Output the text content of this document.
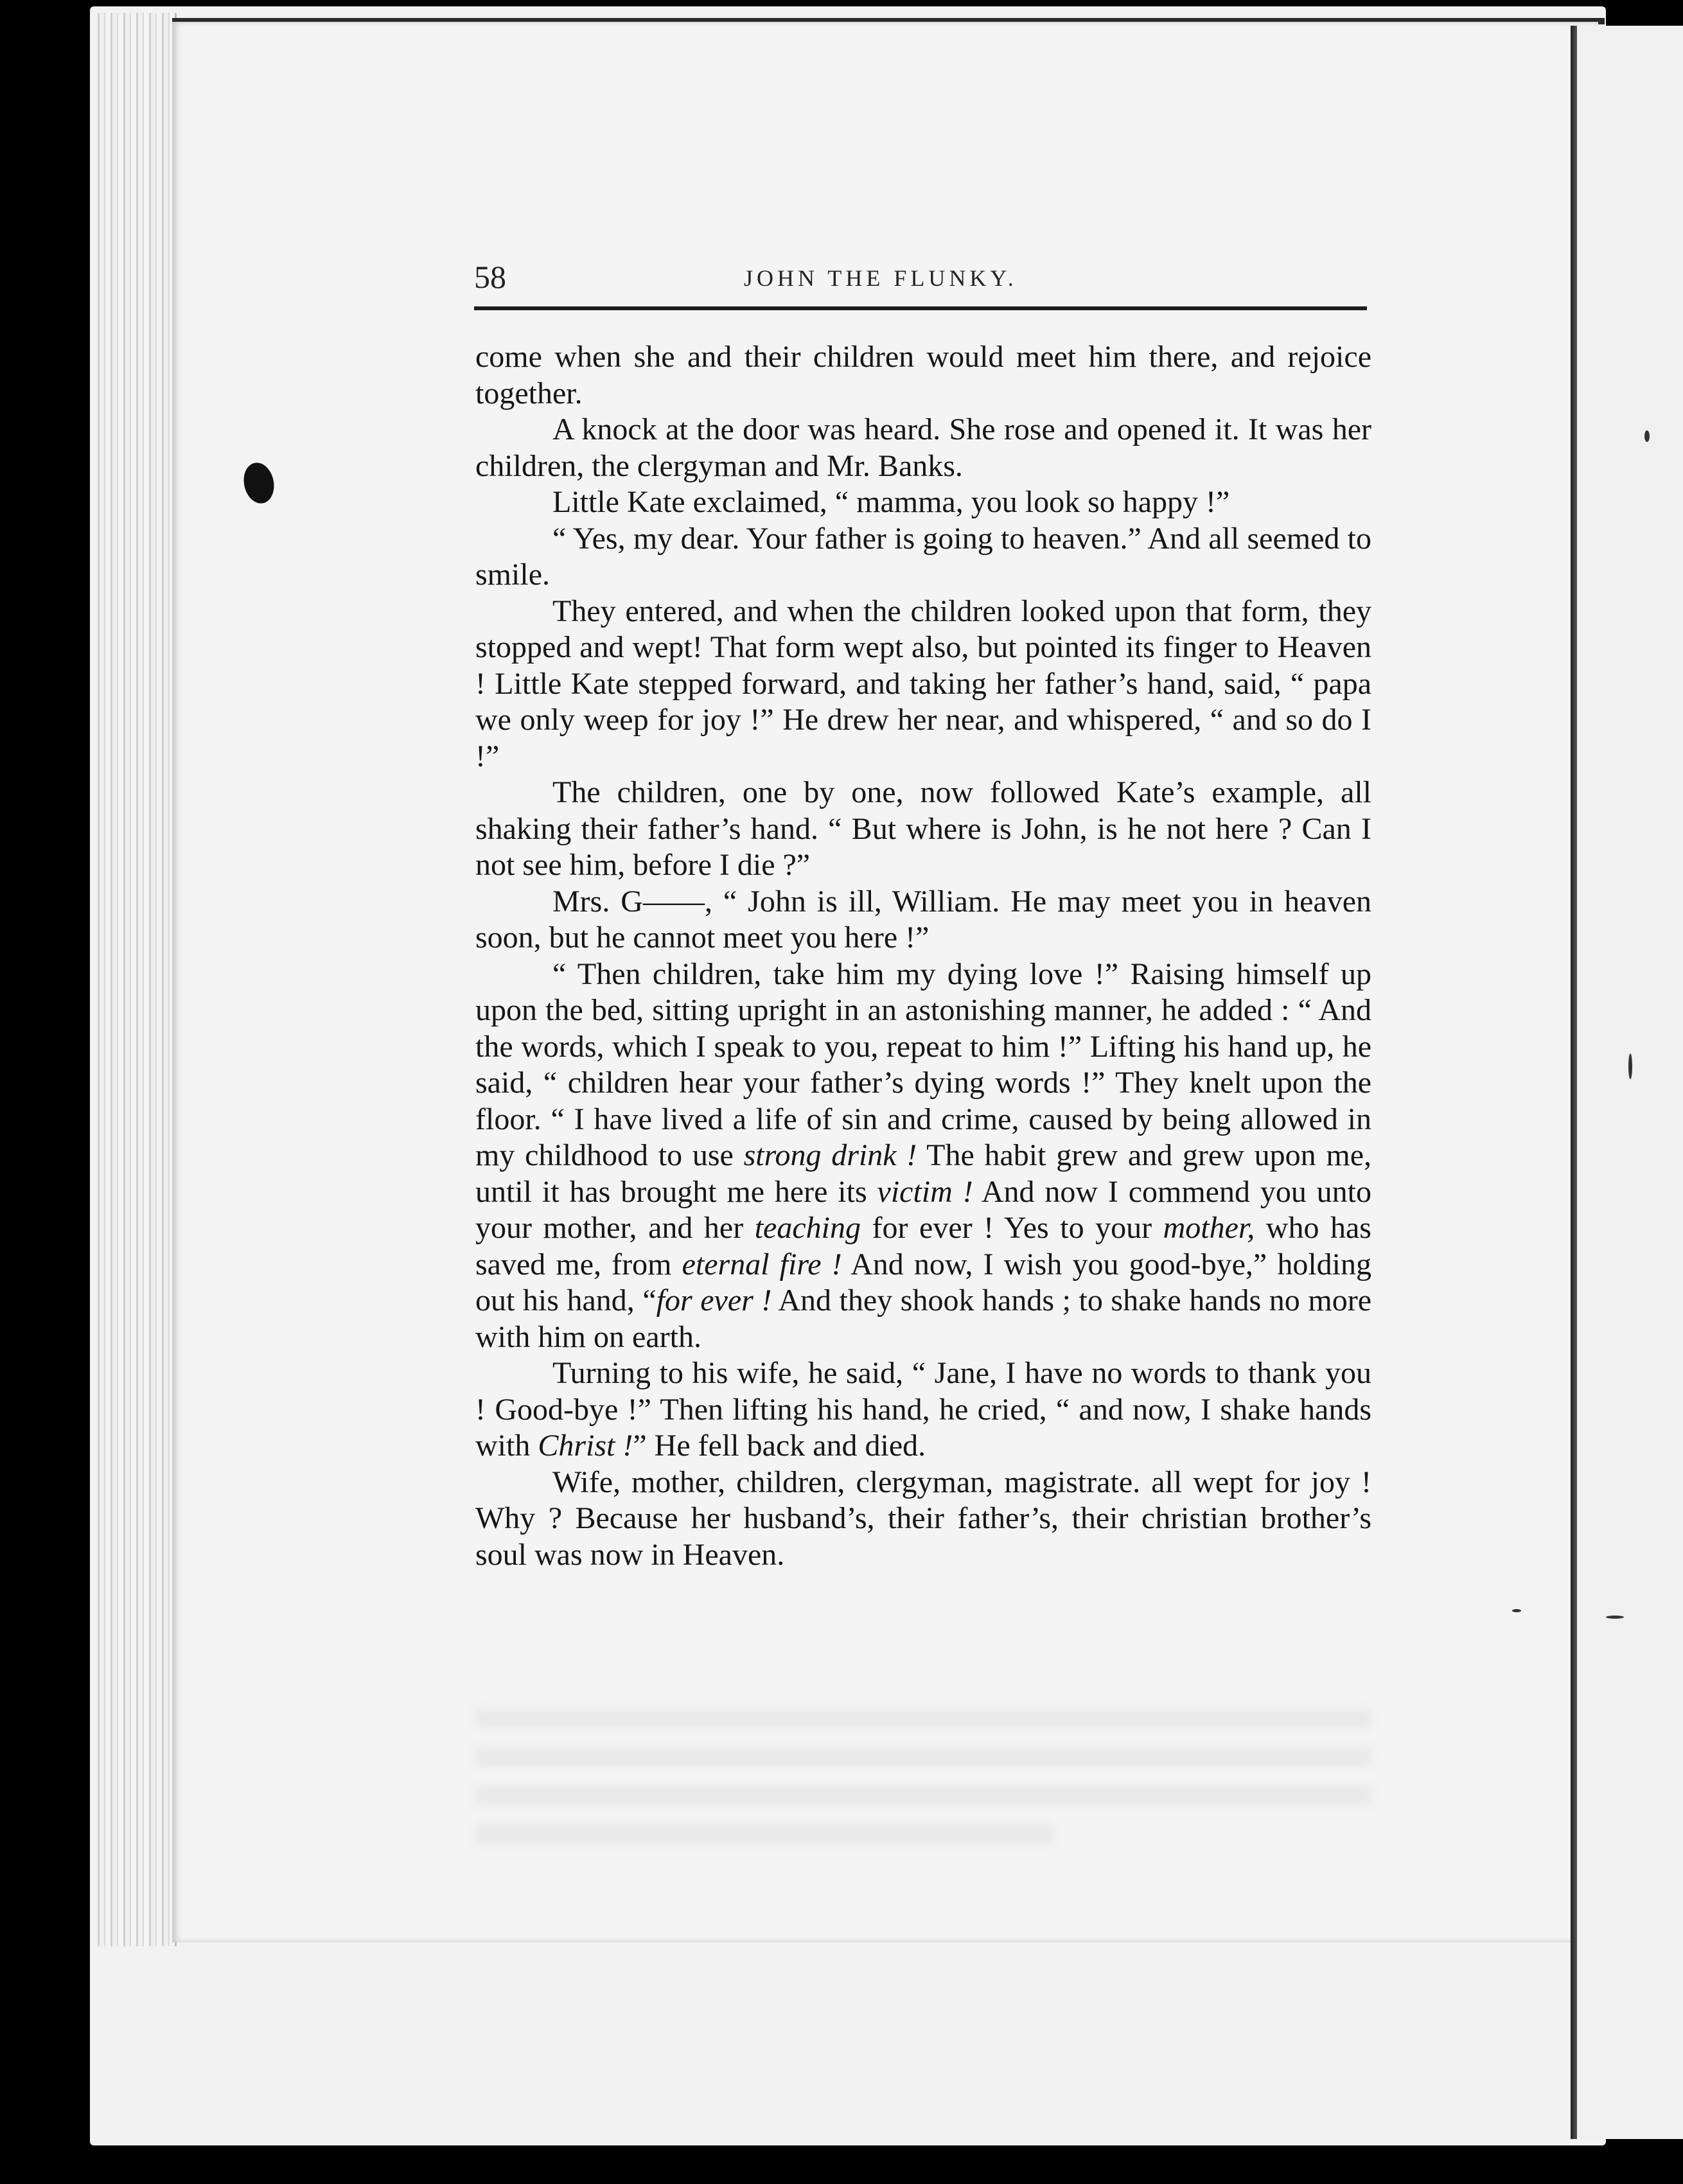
58	JOHN THE FLUNKY.

come when she and their children would meet him there, and rejoice together.

A knock at the door was heard. She rose and opened it. It was her children, the clergyman and Mr. Banks.

Little Kate exclaimed, “ mamma, you look so happy !”

“ Yes, my dear. Your father is going to heaven.” And all seemed to smile.

They entered, and when the children looked upon that form, they stopped and wept! That form wept also, but pointed its finger to Heaven ! Little Kate stepped forward, and taking her father’s hand, said, “ papa we only weep for joy !” He drew her near, and whispered, “ and so do I !”

The children, one by one, now followed Kate’s example, all shaking their father’s hand. “ But where is John, is he not here ? Can I not see him, before I die ?”

Mrs. G——, “ John is ill, William. He may meet you in heaven soon, but he cannot meet you here !”

“ Then children, take him my dying love !” Raising himself up upon the bed, sitting upright in an astonishing manner, he added : “ And the words, which I speak to you, repeat to him !” Lifting his hand up, he said, “ children hear your father’s dying words !” They knelt upon the floor. “ I have lived a life of sin and crime, caused by being allowed in my childhood to use strong drink ! The habit grew and grew upon me, until it has brought me here its victim ! And now I commend you unto your mother, and her teaching for ever ! Yes to your mother, who has saved me, from eternal fire ! And now, I wish you good-bye,” holding out his hand, “for ever ! And they shook hands ; to shake hands no more with him on earth.

Turning to his wife, he said, “ Jane, I have no words to thank you ! Good-bye !” Then lifting his hand, he cried, “ and now, I shake hands with Christ !” He fell back and died.

Wife, mother, children, clergyman, magistrate. all wept for joy ! Why ? Because her husband’s, their father’s, their christian brother’s soul was now in Heaven.
